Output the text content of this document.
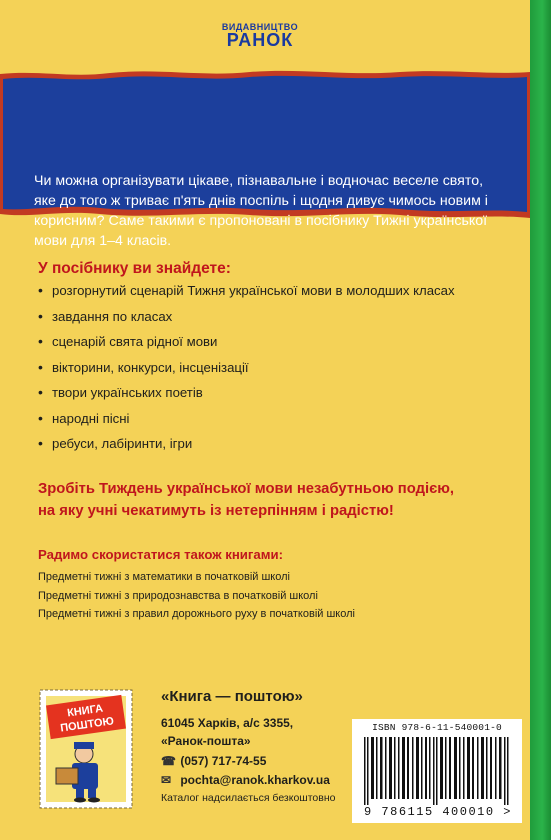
ВИДАВНИЦТВО
РАНОК
Чи можна організувати цікаве, пізнавальне і водночас веселе свято, яке до того ж триває п'ять днів поспіль і щодня дивує чимось новим і корисним? Саме такими є пропоновані в посібнику Тижні української мови для 1–4 класів.
У посібнику ви знайдете:
• розгорнутий сценарій Тижня української мови в молодших класах
• завдання по класах
• сценарій свята рідної мови
• вікторини, конкурси, інсценізації
• твори українських поетів
• народні пісні
• ребуси, лабіринти, ігри
Зробіть Тиждень української мови незабутньою подією,
на яку учні чекатимуть із нетерпінням і радістю!
Радимо скористатися також книгами:
Предметні тижні з математики в початковій школі
Предметні тижні з природознавства в початковій школі
Предметні тижні з правил дорожнього руху в початковій школі
КНИГА
ПОШТОЮ
«Книга — поштою»
61045 Харків, а/с 3355,
«Ранок-пошта»
☎ (057) 717-74-55
✉ pochta@ranok.kharkov.ua
Каталог надсилається безкоштовно
ISBN 978-6-11-540001-0
9 786115 400010 >
